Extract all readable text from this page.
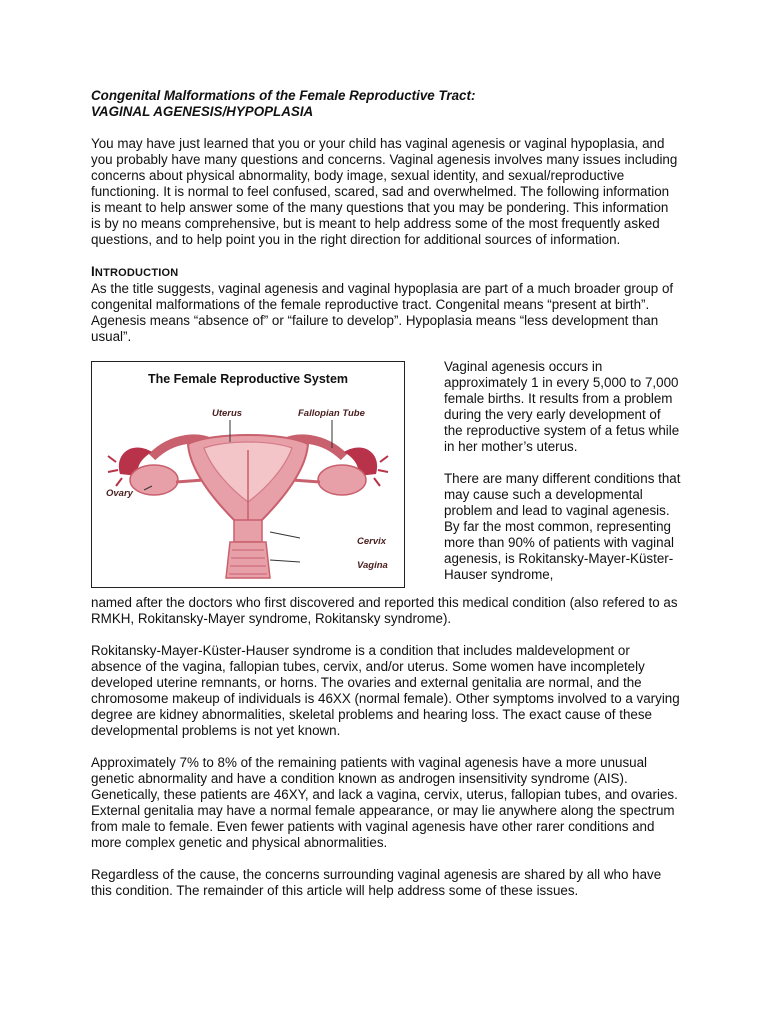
Congenital Malformations of the Female Reproductive Tract:

VAGINAL AGENESIS/HYPOPLASIA

You may have just learned that you or your child has vaginal agenesis or vaginal hypoplasia, and you probably have many questions and concerns. Vaginal agenesis involves many issues including concerns about physical abnormality, body image, sexual identity, and sexual/reproductive functioning. It is normal to feel confused, scared, sad and overwhelmed. The following information is meant to help answer some of the many questions that you may be pondering. This information is by no means comprehensive, but is meant to help address some of the most frequently asked questions, and to help point you in the right direction for additional sources of information.

INTRODUCTION

As the title suggests, vaginal agenesis and vaginal hypoplasia are part of a much broader group of congenital malformations of the female reproductive tract. Congenital means “present at birth”. Agenesis means “absence of” or “failure to develop”. Hypoplasia means “less development than usual”.

The Female Reproductive System
Uterus	Fallopian Tube
Ovary
Cervix
Vagina

Vaginal agenesis occurs in approximately 1 in every 5,000 to 7,000 female births. It results from a problem during the very early development of the reproductive system of a fetus while in her mother’s uterus.

There are many different conditions that may cause such a developmental problem and lead to vaginal agenesis. By far the most common, representing more than 90% of patients with vaginal agenesis, is Rokitansky-Mayer-Küster-Hauser syndrome,

named after the doctors who first discovered and reported this medical condition (also refered to as RMKH, Rokitansky-Mayer syndrome, Rokitansky syndrome).

Rokitansky-Mayer-Küster-Hauser syndrome is a condition that includes maldevelopment or absence of the vagina, fallopian tubes, cervix, and/or uterus. Some women have incompletely developed uterine remnants, or horns. The ovaries and external genitalia are normal, and the chromosome makeup of individuals is 46XX (normal female). Other symptoms involved to a varying degree are kidney abnormalities, skeletal problems and hearing loss. The exact cause of these developmental problems is not yet known.

Approximately 7% to 8% of the remaining patients with vaginal agenesis have a more unusual genetic abnormality and have a condition known as androgen insensitivity syndrome (AIS). Genetically, these patients are 46XY, and lack a vagina, cervix, uterus, fallopian tubes, and ovaries. External genitalia may have a normal female appearance, or may lie anywhere along the spectrum from male to female. Even fewer patients with vaginal agenesis have other rarer conditions and more complex genetic and physical abnormalities.

Regardless of the cause, the concerns surrounding vaginal agenesis are shared by all who have this condition. The remainder of this article will help address some of these issues.
